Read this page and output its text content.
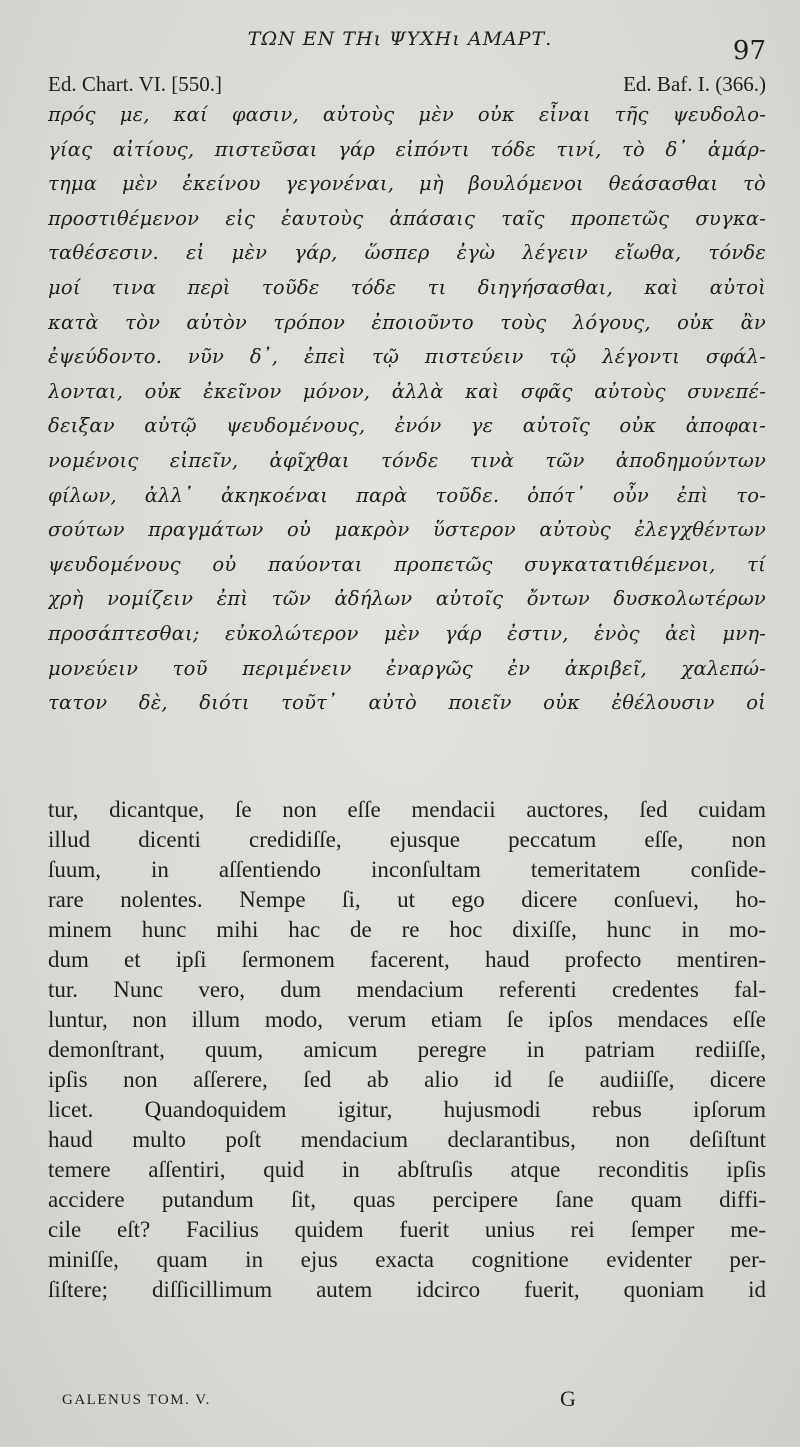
ΤΩΝ ΕΝ ΤΗι ΨΥΧΗι ΑΜΑΡΤ.	97
Ed. Chart. VI. [550.]	Ed. Baf. I. (366.)
πρός με, καί φασιν, αὐτοὺς μὲν οὐκ εἶναι τῆς ψευδολο-
γίας αἰτίους, πιστεῦσαι γάρ εἰπόντι τόδε τινί, τὸ δ᾽ ἁμάρ-
τημα μὲν ἐκείνου γεγονέναι, μὴ βουλόμενοι θεάσασθαι τὸ
προστιθέμενον εἰς ἑαυτοὺς ἁπάσαις ταῖς προπετῶς συγκα-
ταθέσεσιν. εἰ μὲν γάρ, ὥσπερ ἐγὼ λέγειν εἴωθα, τόνδε
μοί τινα περὶ τοῦδε τόδε τι διηγήσασθαι, καὶ αὐτοὶ
κατὰ τὸν αὐτὸν τρόπον ἐποιοῦντο τοὺς λόγους, οὐκ ἂν
ἐψεύδοντο. νῦν δ᾽, ἐπεὶ τῷ πιστεύειν τῷ λέγοντι σφάλ-
λονται, οὐκ ἐκεῖνον μόνον, ἀλλὰ καὶ σφᾶς αὐτοὺς συνεπέ-
δειξαν αὐτῷ ψευδομένους, ἐνόν γε αὐτοῖς οὐκ ἀποφαι-
νομένοις εἰπεῖν, ἀφῖχθαι τόνδε τινὰ τῶν ἀποδημούντων
φίλων, ἀλλ᾽ ἀκηκοέναι παρὰ τοῦδε. ὁπότ᾽ οὖν ἐπὶ το-
σούτων πραγμάτων οὐ μακρὸν ὕστερον αὐτοὺς ἐλεγχθέντων
ψευδομένους οὐ παύονται προπετῶς συγκατατιθέμενοι, τί
χρὴ νομίζειν ἐπὶ τῶν ἀδήλων αὐτοῖς ὄντων δυσκολωτέρων
προσάπτεσθαι; εὐκολώτερον μὲν γάρ ἐστιν, ἑνὸς ἀεὶ μνη-
μονεύειν τοῦ περιμένειν ἐναργῶς ἐν ἀκριβεῖ, χαλεπώ-
τατον δὲ, διότι τοῦτ᾽ αὐτὸ ποιεῖν οὐκ ἐθέλουσιν οἱ
tur, dicantque, ſe non eſſe mendacii auctores, ſed cuidam
illud dicenti credidiſſe, ejusque peccatum eſſe, non
ſuum, in aſſentiendo inconſultam temeritatem conſide-
rare nolentes. Nempe ſi, ut ego dicere conſuevi, ho-
minem hunc mihi hac de re hoc dixiſſe, hunc in mo-
dum et ipſi ſermonem facerent, haud profecto mentiren-
tur. Nunc vero, dum mendacium referenti credentes fal-
luntur, non illum modo, verum etiam ſe ipſos mendaces eſſe
demonſtrant, quum, amicum peregre in patriam rediiſſe,
ipſis non aſſerere, ſed ab alio id ſe audiiſſe, dicere
licet. Quandoquidem igitur, hujusmodi rebus ipſorum
haud multo poſt mendacium declarantibus, non deſiſtunt
temere aſſentiri, quid in abſtruſis atque reconditis ipſis
accidere putandum ſit, quas percipere ſane quam diffi-
cile eſt? Facilius quidem fuerit unius rei ſemper me-
miniſſe, quam in ejus exacta cognitione evidenter per-
ſiſtere; diſſicillimum autem idcirco fuerit, quoniam id
GALENUS TOM. V.	G
